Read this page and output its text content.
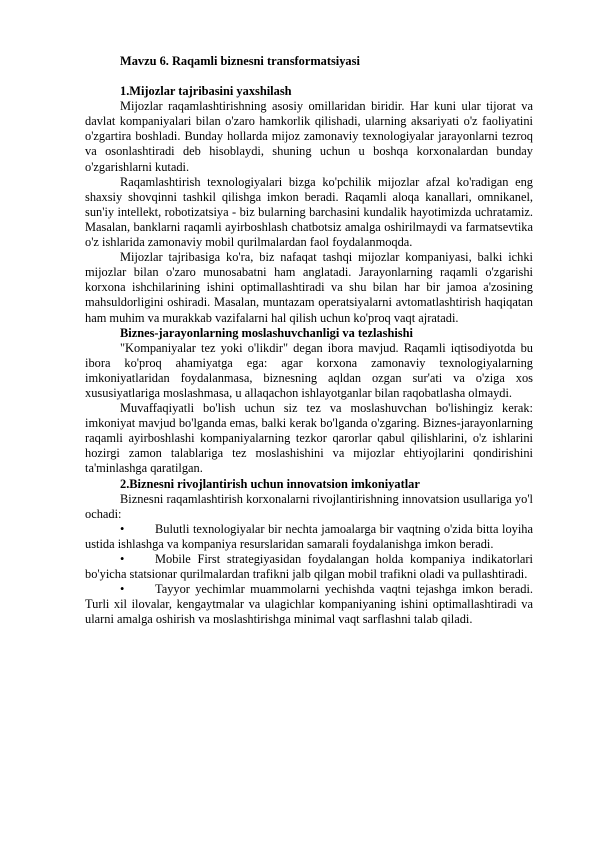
Mavzu 6. Raqamli biznesni transformatsiyasi

1.Mijozlar tajribasini yaxshilash

Mijozlar raqamlashtirishning asosiy omillaridan biridir. Har kuni ular tijorat va davlat kompaniyalari bilan o'zaro hamkorlik qilishadi, ularning aksariyati o'z faoliyatini o'zgartira boshladi. Bunday hollarda mijoz zamonaviy texnologiyalar jarayonlarni tezroq va osonlashtiradi deb hisoblaydi, shuning uchun u boshqa korxonalardan bunday o'zgarishlarni kutadi.

Raqamlashtirish texnologiyalari bizga ko'pchilik mijozlar afzal ko'radigan eng shaxsiy shovqinni tashkil qilishga imkon beradi. Raqamli aloqa kanallari, omnikanel, sun'iy intellekt, robotizatsiya - biz bularning barchasini kundalik hayotimizda uchratamiz. Masalan, banklarni raqamli ayirboshlash chatbotsiz amalga oshirilmaydi va farmatsevtika o'z ishlarida zamonaviy mobil qurilmalardan faol foydalanmoqda.

Mijozlar tajribasiga ko'ra, biz nafaqat tashqi mijozlar kompaniyasi, balki ichki mijozlar bilan o'zaro munosabatni ham anglatadi. Jarayonlarning raqamli o'zgarishi korxona ishchilarining ishini optimallashtiradi va shu bilan har bir jamoa a'zosining mahsuldorligini oshiradi. Masalan, muntazam operatsiyalarni avtomatlashtirish haqiqatan ham muhim va murakkab vazifalarni hal qilish uchun ko'proq vaqt ajratadi.

Biznes-jarayonlarning moslashuvchanligi va tezlashishi

"Kompaniyalar tez yoki o'likdir" degan ibora mavjud. Raqamli iqtisodiyotda bu ibora ko'proq ahamiyatga ega: agar korxona zamonaviy texnologiyalarning imkoniyatlaridan foydalanmasa, biznesning aqldan ozgan sur'ati va o'ziga xos xususiyatlariga moslashmasa, u allaqachon ishlayotganlar bilan raqobatlasha olmaydi.

Muvaffaqiyatli bo'lish uchun siz tez va moslashuvchan bo'lishingiz kerak: imkoniyat mavjud bo'lganda emas, balki kerak bo'lganda o'zgaring. Biznes-jarayonlarning raqamli ayirboshlashi kompaniyalarning tezkor qarorlar qabul qilishlarini, o'z ishlarini hozirgi zamon talablariga tez moslashishini va mijozlar ehtiyojlarini qondirishini ta'minlashga qaratilgan.

2.Biznesni rivojlantirish uchun innovatsion imkoniyatlar

Biznesni raqamlashtirish korxonalarni rivojlantirishning innovatsion usullariga yo'l ochadi:

• Bulutli texnologiyalar bir nechta jamoalarga bir vaqtning o'zida bitta loyiha ustida ishlashga va kompaniya resurslaridan samarali foydalanishga imkon beradi.

• Mobile First strategiyasidan foydalangan holda kompaniya indikatorlari bo'yicha statsionar qurilmalardan trafikni jalb qilgan mobil trafikni oladi va pullashtiradi.

• Tayyor yechimlar muammolarni yechishda vaqtni tejashga imkon beradi. Turli xil ilovalar, kengaytmalar va ulagichlar kompaniyaning ishini optimallashtiradi va ularni amalga oshirish va moslashtirishga minimal vaqt sarflashni talab qiladi.
